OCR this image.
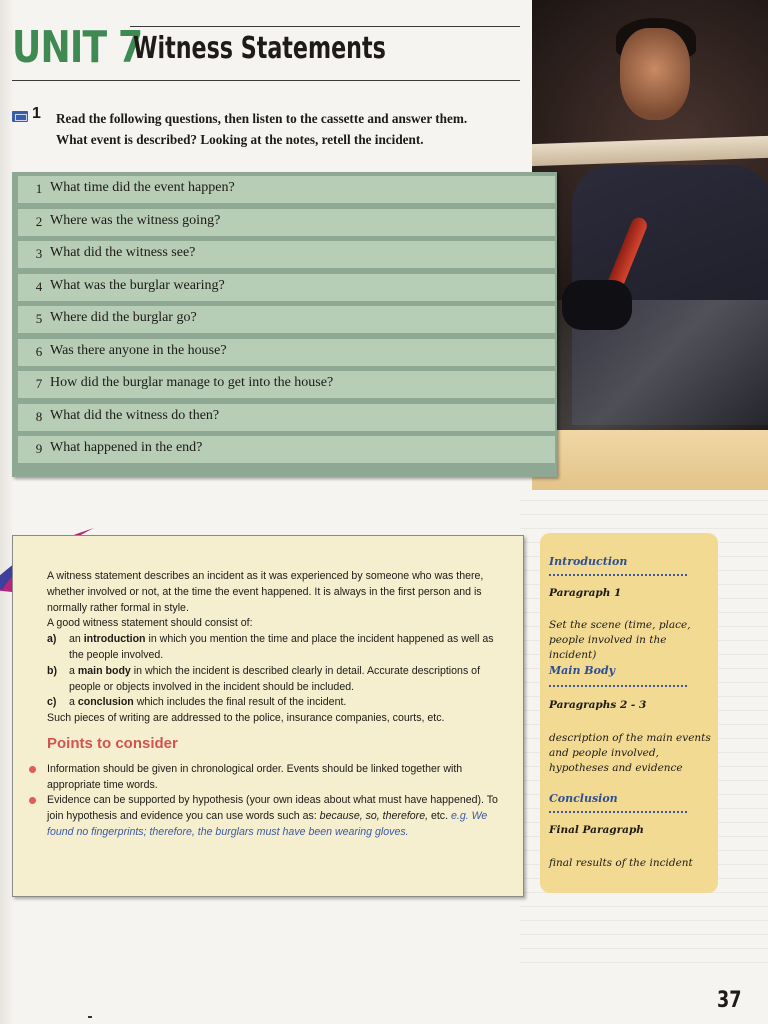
UNIT 7
Witness Statements
1 Read the following questions, then listen to the cassette and answer them.
What event is described? Looking at the notes, retell the incident.
1 What time did the event happen?
2 Where was the witness going?
3 What did the witness see?
4 What was the burglar wearing?
5 Where did the burglar go?
6 Was there anyone in the house?
7 How did the burglar manage to get into the house?
8 What did the witness do then?
9 What happened in the end?

A witness statement describes an incident as it was experienced by someone who was there, whether involved or not, at the time the event happened. It is always in the first person and is normally rather formal in style.

A good witness statement should consist of:

a)	an introduction in which you mention the time and place the incident happened as well as the people involved.
b)	a main body in which the incident is described clearly in detail. Accurate descriptions of people or objects involved in the incident should be included.
c)	a conclusion which includes the final result of the incident.

Such pieces of writing are addressed to the police, insurance companies, courts, etc.

Points to consider
Information should be given in chronological order. Events should be linked together with appropriate time words.
Evidence can be supported by hypothesis (your own ideas about what must have happened). To join hypothesis and evidence you can use words such as: because, so, therefore, etc. e.g. We found no fingerprints; therefore, the burglars must have been wearing gloves.
Introduction
Paragraph 1
Set the scene (time, place, people involved in the incident)
Main Body
Paragraphs 2 - 3
description of the main events and people involved, hypotheses and evidence
Conclusion
Final Paragraph
final results of the incident
37
